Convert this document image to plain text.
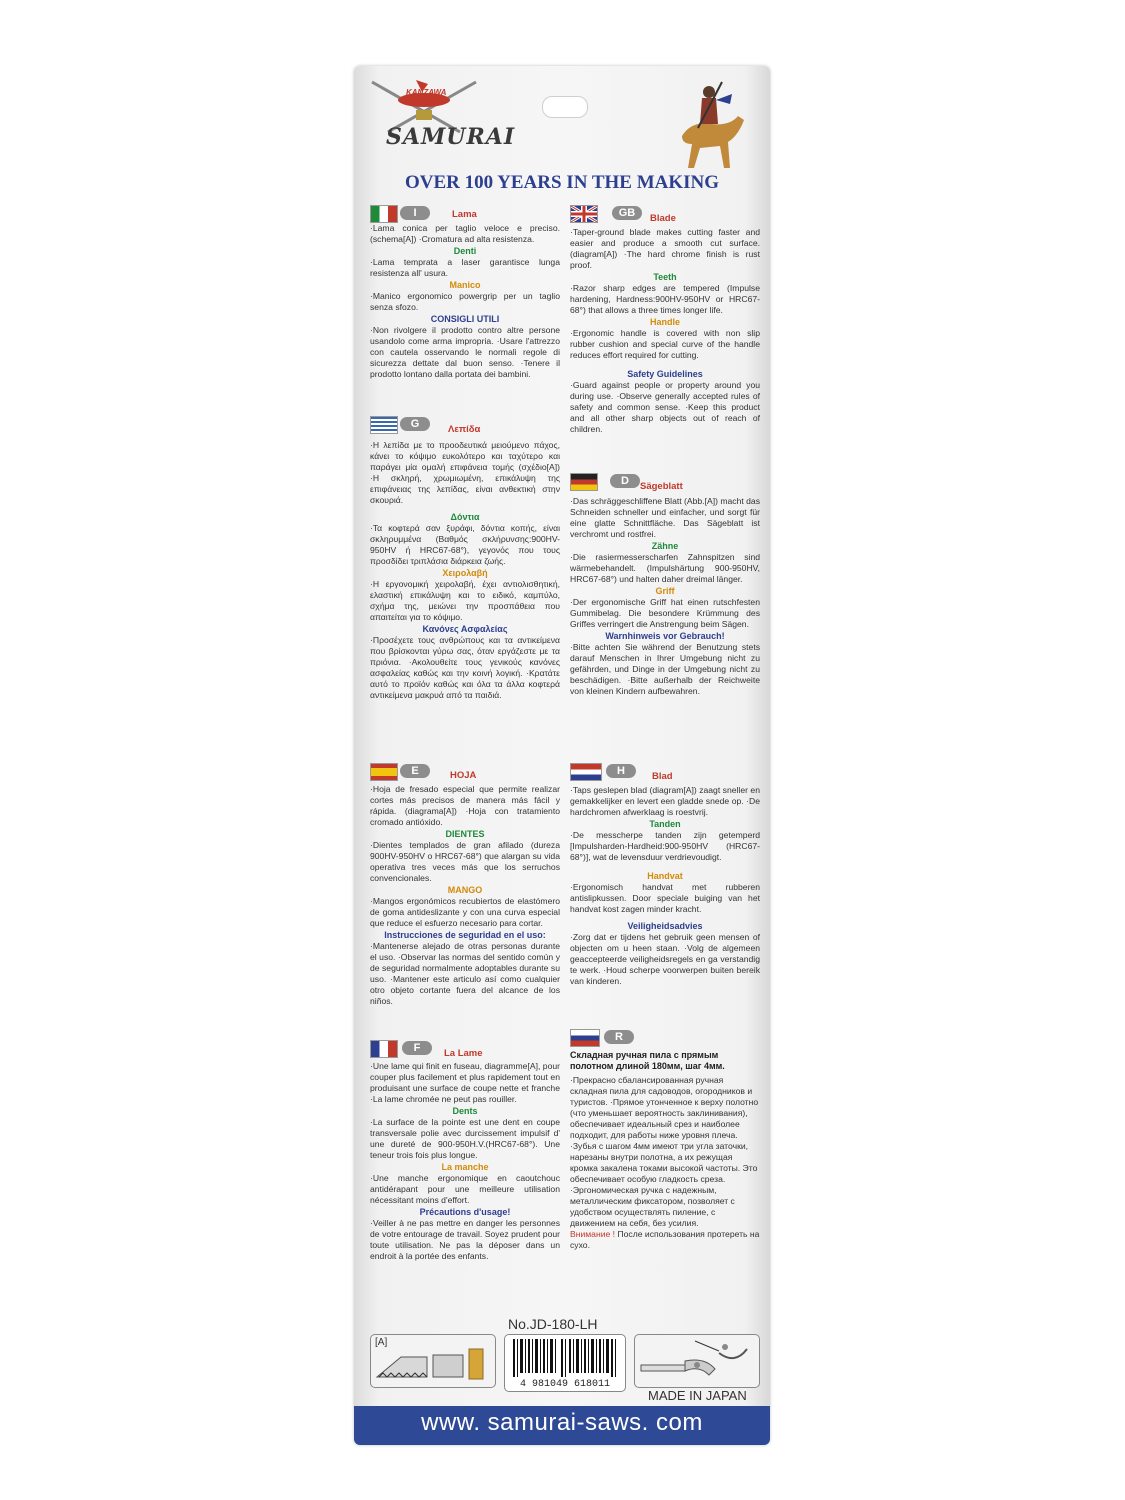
KANZAWA
SAMURAI
OVER 100 YEARS IN THE MAKING
I	Lama

·Lama conica per taglio veloce e preciso. (schema[A]) ·Cromatura ad alta resistenza.

Denti

·Lama temprata a laser garantisce lunga resistenza all' usura.

Manico

·Manico ergonomico powergrip per un taglio senza sfozo.

CONSIGLI UTILI

·Non rivolgere il prodotto contro altre persone usandolo come arma impropria. ·Usare l'attrezzo con cautela osservando le normali regole di sicurezza dettate dal buon senso. ·Tenere il prodotto lontano dalla portata dei bambini.

G	Λεπίδα

·Η λεπίδα με το προοδευτικά μειούμενο πάχος, κάνει το κόψιμο ευκολότερο και ταχύτερο και παράγει μία ομαλή επιφάνεια τομής (σχέδιο[A]) ·Η σκληρή, χρωμιωμένη, επικάλυψη της επιφάνειας της λεπίδας, είναι ανθεκτική στην σκουριά.

Δόντια

·Τα κοφτερά σαν ξυράφι, δόντια κοπής, είναι σκληρυμμένα (Βαθμός σκλήρυνσης:900HV-950HV ή HRC67-68°), γεγονός που τους προσδίδει τριπλάσια διάρκεια ζωής.

Χειρολαβή

·Η εργονομική χειρολαβή, έχει αντιολισθητική, ελαστική επικάλυψη και το ειδικό, καμπύλο, σχήμα της, μειώνει την προσπάθεια που απαιτείται για το κόψιμο.

Κανόνες Ασφαλείας

·Προσέχετε τους ανθρώπους και τα αντικείμενα που βρίσκονται γύρω σας, όταν εργάζεστε με τα πριόνια. ·Ακολουθείτε τους γενικούς κανόνες ασφαλείας καθώς και την κοινή λογική. ·Κρατάτε αυτό το προϊόν καθώς και όλα τα άλλα κοφτερά αντικείμενα μακρυά από τα παιδιά.

E	HOJA

·Hoja de fresado especial que permite realizar cortes más precisos de manera más fácil y rápida. (diagrama[A]) ·Hoja con tratamiento cromado antióxido.

DIENTES

·Dientes templados de gran afilado (dureza 900HV-950HV o HRC67-68°) que alargan su vida operativa tres veces más que los serruchos convencionales.

MANGO

·Mangos ergonómicos recubiertos de elastómero de goma antideslizante y con una curva especial que reduce el esfuerzo necesario para cortar.

Instrucciones de seguridad en el uso:

·Mantenerse alejado de otras personas durante el uso. ·Observar las normas del sentido común y de seguridad normalmente adoptables durante su uso. ·Mantener este articulo así como cualquier otro objeto cortante fuera del alcance de los niños.

F	La Lame

·Une lame qui finit en fuseau, diagramme[A], pour couper plus facilement et plus rapidement tout en produisant une surface de coupe nette et franche ·La lame chromée ne peut pas rouiller.

Dents

·La surface de la pointe est une dent en coupe transversale polie avec durcissement impulsif d' une dureté de 900-950H.V.(HRC67-68°). Une teneur trois fois plus longue.

La manche

·Une manche ergonomique en caoutchouc antidérapant pour une meilleure utilisation nécessitant moins d'effort.

Précautions d'usage!

·Veiller à ne pas mettre en danger les personnes de votre entourage de travail. Soyez prudent pour toute utilisation. Ne pas la déposer dans un endroit à la portée des enfants.

GB	Blade

·Taper-ground blade makes cutting faster and easier and produce a smooth cut surface. (diagram[A]) ·The hard chrome finish is rust proof.

Teeth

·Razor sharp edges are tempered (Impulse hardening, Hardness:900HV-950HV or HRC67-68°) that allows a three times longer life.

Handle

·Ergonomic handle is covered with non slip rubber cushion and special curve of the handle reduces effort required for cutting.

Safety Guidelines

·Guard against people or property around you during use. ·Observe generally accepted rules of safety and common sense. ·Keep this product and all other sharp objects out of reach of children.

D	Sägeblatt

·Das schräggeschliffene Blatt (Abb.[A]) macht das Schneiden schneller und einfacher, und sorgt für eine glatte Schnittfläche. Das Sägeblatt ist verchromt und rostfrei.

Zähne

·Die rasiermesserscharfen Zahnspitzen sind wärmebehandelt. (Impulshärtung 900-950HV, HRC67-68°) und halten daher dreimal länger.

Griff

·Der ergonomische Griff hat einen rutschfesten Gummibelag. Die besondere Krümmung des Griffes verringert die Anstrengung beim Sägen.

Warnhinweis vor Gebrauch!

·Bitte achten Sie während der Benutzung stets darauf Menschen in Ihrer Umgebung nicht zu gefährden, und Dinge in der Umgebung nicht zu beschädigen. ·Bitte außerhalb der Reichweite von kleinen Kindern aufbewahren.

H	Blad

·Taps geslepen blad (diagram[A]) zaagt sneller en gemakkelijker en levert een gladde snede op. ·De hardchromen afwerklaag is roestvrij.

Tanden

·De messcherpe tanden zijn getemperd [Impulsharden-Hardheid:900-950HV (HRC67-68°)], wat de levensduur verdrievoudigt.

Handvat

·Ergonomisch handvat met rubberen antislipkussen. Door speciale buiging van het handvat kost zagen minder kracht.

Veiligheidsadvies

·Zorg dat er tijdens het gebruik geen mensen of objecten om u heen staan. ·Volg de algemeen geaccepteerde veiligheidsregels en ga verstandig te werk. ·Houd scherpe voorwerpen buiten bereik van kinderen.

R
Складная ручная пила с прямым полотном длиной 180мм, шаг 4мм.

·Прекрасно сбалансированная ручная складная пила для садоводов, огородников и туристов. ·Прямое утонченное к верху полотно (что уменьшает вероятность заклинивания), обеспечивает идеальный срез и наиболее подходит, для работы ниже уровня плеча. ·Зубья с шагом 4мм имеют три угла заточки, нарезаны внутри полотна, а их режущая кромка закалена токами высокой частоты. Это обеспечивает особую гладкость среза. ·Эргономическая ручка с надежным, металлическим фиксатором, позволяет с удобством осуществлять пиление, с движением на себя, без усилия.

Внимание ! После использования протереть на сухо.

No.JD-180-LH
[A]
4 981049 618011
MADE IN JAPAN
www. samurai-saws. com
